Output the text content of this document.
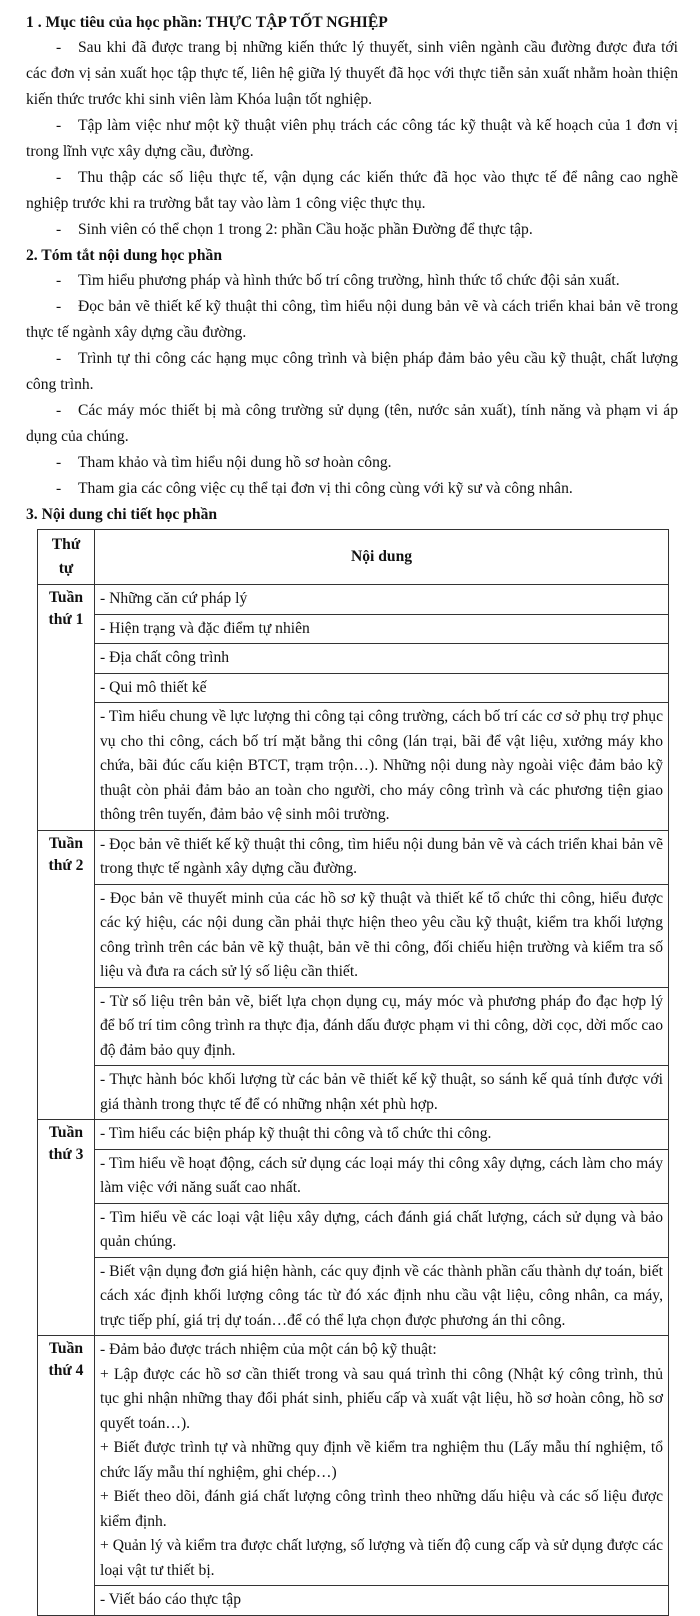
1 . Mục tiêu của học phần: THỰC TẬP TỐT NGHIỆP

- Sau khi đã được trang bị những kiến thức lý thuyết, sinh viên ngành cầu đường được đưa tới các đơn vị sản xuất học tập thực tế, liên hệ giữa lý thuyết đã học với thực tiễn sản xuất nhằm hoàn thiện kiến thức trước khi sinh viên làm Khóa luận tốt nghiệp.

- Tập làm việc như một kỹ thuật viên phụ trách các công tác kỹ thuật và kế hoạch của 1 đơn vị trong lĩnh vực xây dựng cầu, đường.

- Thu thập các số liệu thực tế, vận dụng các kiến thức đã học vào thực tế để nâng cao nghề nghiệp trước khi ra trường bắt tay vào làm 1 công việc thực thụ.

- Sinh viên có thể chọn 1 trong 2: phần Cầu hoặc phần Đường để thực tập.

2. Tóm tắt nội dung học phần

- Tìm hiểu phương pháp và hình thức bố trí công trường, hình thức tổ chức đội sản xuất.

- Đọc bản vẽ thiết kế kỹ thuật thi công, tìm hiểu nội dung bản vẽ và cách triển khai bản vẽ trong thực tế ngành xây dựng cầu đường.

- Trình tự thi công các hạng mục công trình và biện pháp đảm bảo yêu cầu kỹ thuật, chất lượng công trình.

- Các máy móc thiết bị mà công trường sử dụng (tên, nước sản xuất), tính năng và phạm vi áp dụng của chúng.

- Tham khảo và tìm hiểu nội dung hồ sơ hoàn công.

- Tham gia các công việc cụ thể tại đơn vị thi công cùng với kỹ sư và công nhân.

3. Nội dung chi tiết học phần
Thứ
tự	Nội dung

Tuần
thứ 1	- Những căn cứ pháp lý
	- Hiện trạng và đặc điểm tự nhiên
	- Địa chất công trình
	- Qui mô thiết kế
	- Tìm hiểu chung về lực lượng thi công tại công trường, cách bố trí các cơ sở phụ trợ phục vụ cho thi công, cách bố trí mặt bằng thi công (lán trại, bãi để vật liệu, xưởng máy kho chứa, bãi đúc cấu kiện BTCT, trạm trộn…). Những nội dung này ngoài việc đảm bảo kỹ thuật còn phải đảm bảo an toàn cho người, cho máy công trình và các phương tiện giao thông trên tuyến, đảm bảo vệ sinh môi trường.

Tuần
thứ 2	- Đọc bản vẽ thiết kế kỹ thuật thi công, tìm hiểu nội dung bản vẽ và cách triển khai bản vẽ trong thực tế ngành xây dựng cầu đường.
	- Đọc bản vẽ thuyết minh của các hồ sơ kỹ thuật và thiết kế tổ chức thi công, hiểu được các ký hiệu, các nội dung cần phải thực hiện theo yêu cầu kỹ thuật, kiểm tra khối lượng công trình trên các bản vẽ kỹ thuật, bản vẽ thi công, đối chiếu hiện trường và kiểm tra số liệu và đưa ra cách sử lý số liệu cần thiết.
	- Từ số liệu trên bản vẽ, biết lựa chọn dụng cụ, máy móc và phương pháp đo đạc hợp lý để bố trí tim công trình ra thực địa, đánh dấu được phạm vi thi công, dời cọc, dời mốc cao độ đảm bảo quy định.
	- Thực hành bóc khối lượng từ các bản vẽ thiết kế kỹ thuật, so sánh kế quả tính được với giá thành trong thực tế để có những nhận xét phù hợp.

Tuần
thứ 3	- Tìm hiểu các biện pháp kỹ thuật thi công và tổ chức thi công.
	- Tìm hiểu về hoạt động, cách sử dụng các loại máy thi công xây dựng, cách làm cho máy làm việc với năng suất cao nhất.
	- Tìm hiểu về các loại vật liệu xây dựng, cách đánh giá chất lượng, cách sử dụng và bảo quản chúng.
	- Biết vận dụng đơn giá hiện hành, các quy định về các thành phần cấu thành dự toán, biết cách xác định khối lượng công tác từ đó xác định nhu cầu vật liệu, công nhân, ca máy, trực tiếp phí, giá trị dự toán…để có thể lựa chọn được phương án thi công.

Tuần
thứ 4	- Đảm bảo được trách nhiệm của một cán bộ kỹ thuật:
+ Lập được các hồ sơ cần thiết trong và sau quá trình thi công (Nhật ký công trình, thủ tục ghi nhận những thay đổi phát sinh, phiếu cấp và xuất vật liệu, hồ sơ hoàn công, hồ sơ quyết toán…).
+ Biết được trình tự và những quy định về kiểm tra nghiệm thu (Lấy mẫu thí nghiệm, tổ chức lấy mẫu thí nghiệm, ghi chép…)
+ Biết theo dõi, đánh giá chất lượng công trình theo những dấu hiệu và các số liệu được kiểm định.
+ Quản lý và kiểm tra được chất lượng, số lượng và tiến độ cung cấp và sử dụng được các loại vật tư thiết bị.

	- Viết báo cáo thực tập
